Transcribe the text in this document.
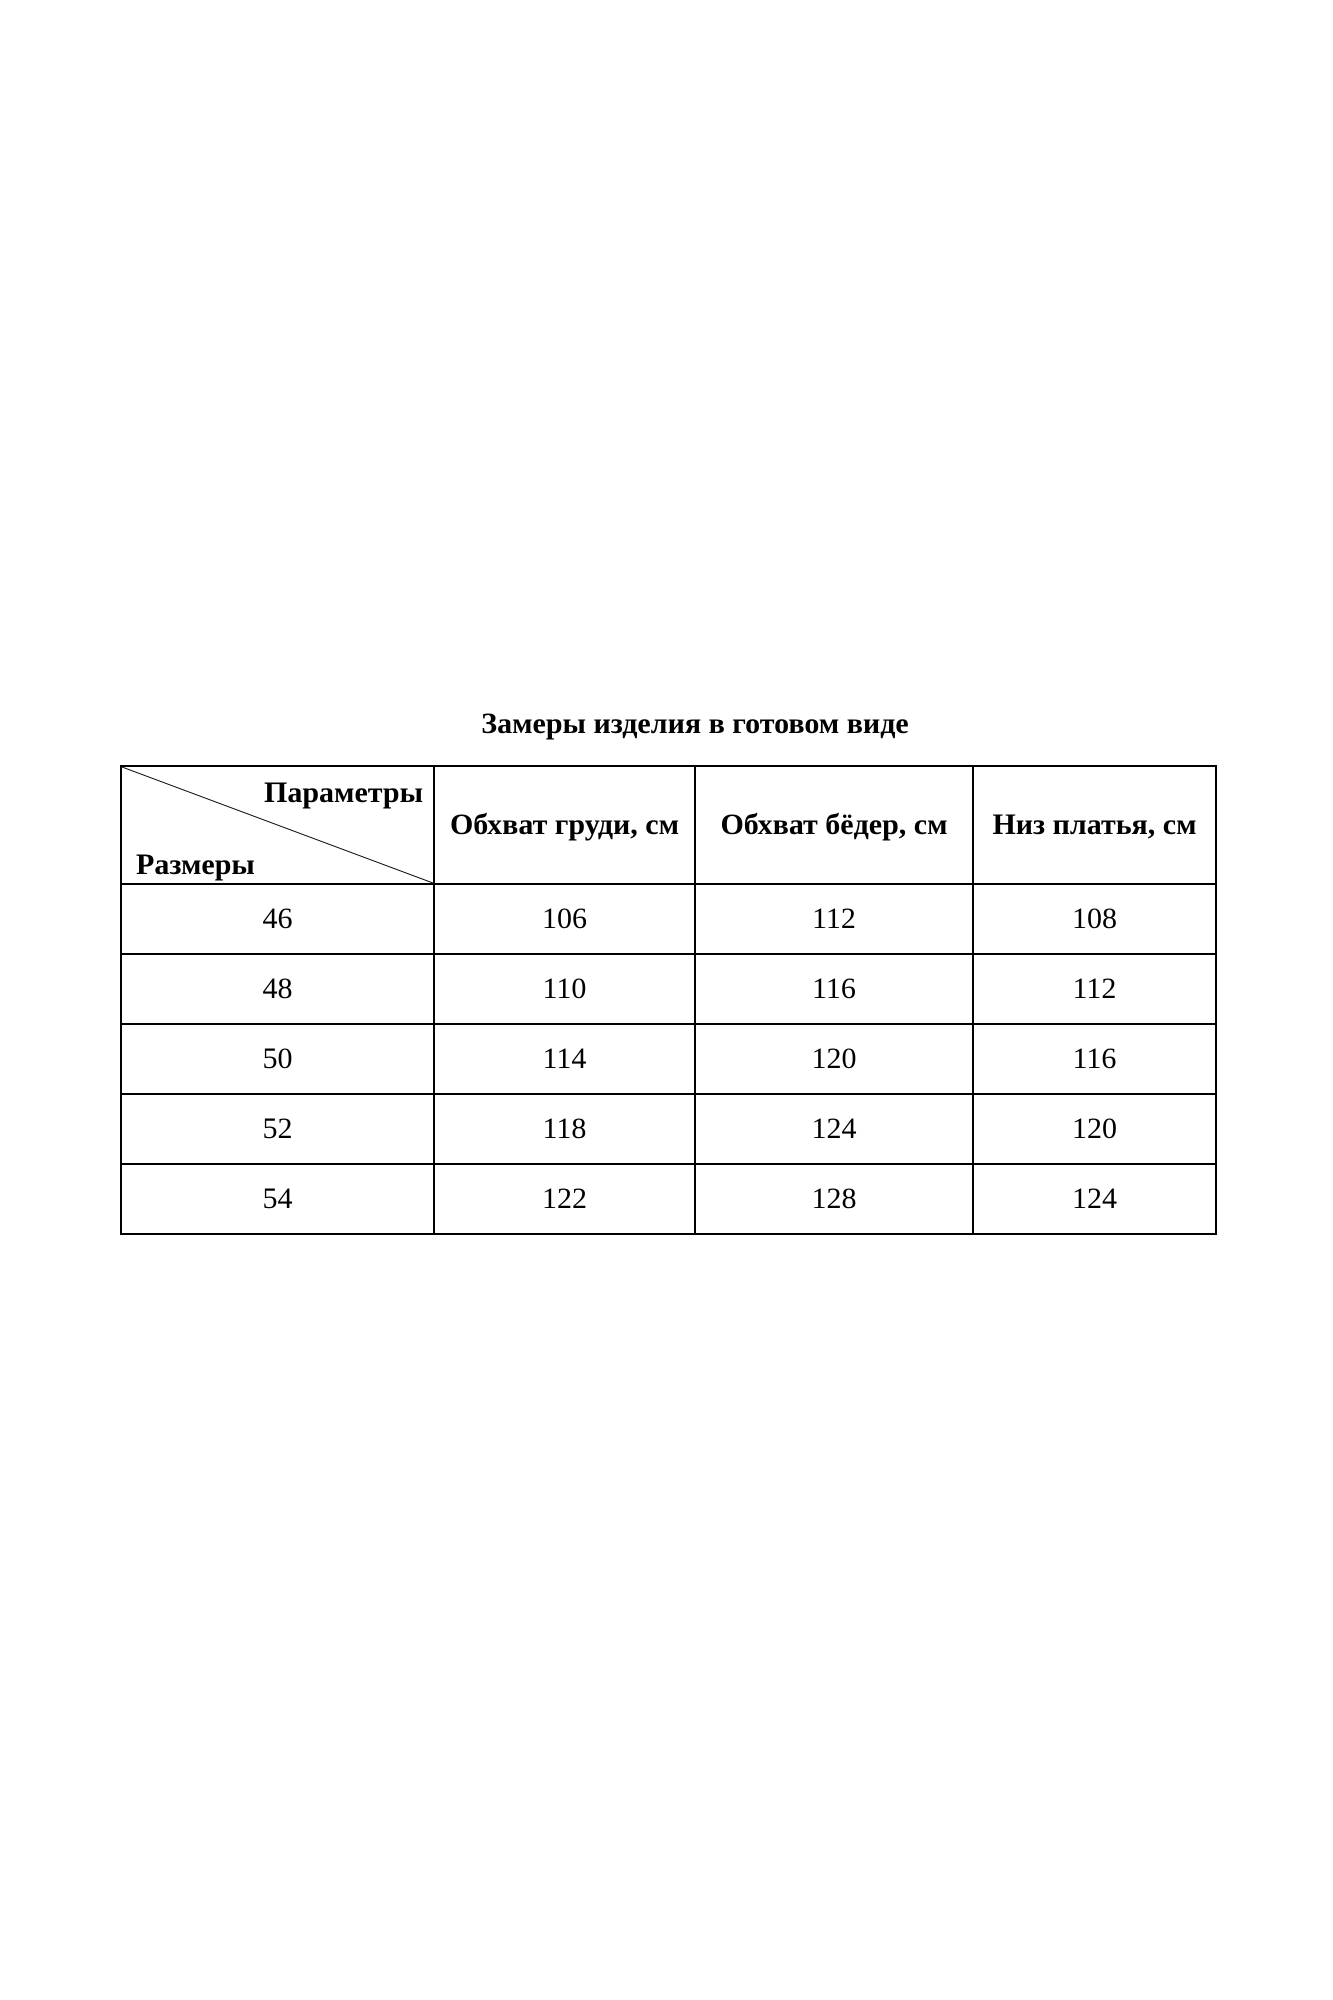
Замеры изделия в готовом виде
Параметры
Размеры	Обхват груди, см	Обхват бёдер, см	Низ платья, см
46	106	112	108
48	110	116	112
50	114	120	116
52	118	124	120
54	122	128	124
